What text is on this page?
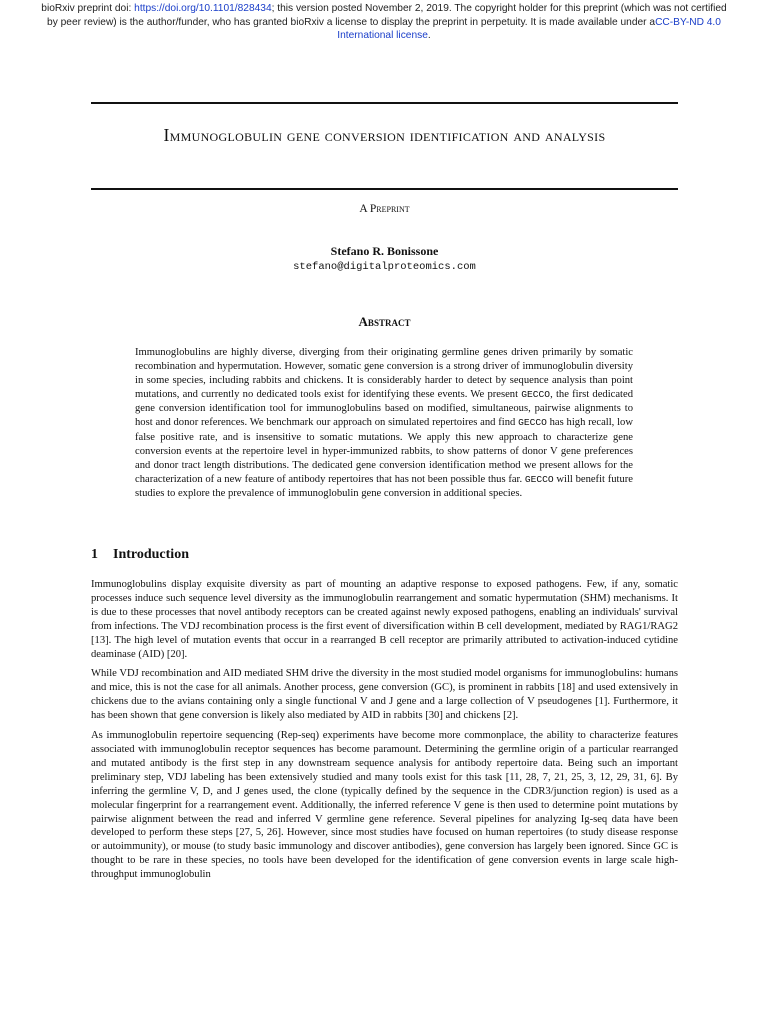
bioRxiv preprint doi: https://doi.org/10.1101/828434; this version posted November 2, 2019. The copyright holder for this preprint (which was not certified by peer review) is the author/funder, who has granted bioRxiv a license to display the preprint in perpetuity. It is made available under aCC-BY-ND 4.0 International license.
Immunoglobulin gene conversion identification and analysis
A Preprint
Stefano R. Bonissone
stefano@digitalproteomics.com
Abstract
Immunoglobulins are highly diverse, diverging from their originating germline genes driven primarily by somatic recombination and hypermutation. However, somatic gene conversion is a strong driver of immunoglobulin diversity in some species, including rabbits and chickens. It is considerably harder to detect by sequence analysis than point mutations, and currently no dedicated tools exist for identifying these events. We present GECCO, the first dedicated gene conversion identification tool for immunoglobulins based on modified, simultaneous, pairwise alignments to host and donor references. We benchmark our approach on simulated repertoires and find GECCO has high recall, low false positive rate, and is insensitive to somatic mutations. We apply this new approach to characterize gene conversion events at the repertoire level in hyper-immunized rabbits, to show patterns of donor V gene preferences and donor tract length distributions. The dedicated gene conversion identification method we present allows for the characterization of a new feature of antibody repertoires that has not been possible thus far. GECCO will benefit future studies to explore the prevalence of immunoglobulin gene conversion in additional species.
1 Introduction

Immunoglobulins display exquisite diversity as part of mounting an adaptive response to exposed pathogens. Few, if any, somatic processes induce such sequence level diversity as the immunoglobulin rearrangement and somatic hypermutation (SHM) mechanisms. It is due to these processes that novel antibody receptors can be created against newly exposed pathogens, enabling an individuals' survival from infections. The VDJ recombination process is the first event of diversification within B cell development, mediated by RAG1/RAG2 [13]. The high level of mutation events that occur in a rearranged B cell receptor are primarily attributed to activation-induced cytidine deaminase (AID) [20].

While VDJ recombination and AID mediated SHM drive the diversity in the most studied model organisms for immunoglobulins: humans and mice, this is not the case for all animals. Another process, gene conversion (GC), is prominent in rabbits [18] and used extensively in chickens due to the avians containing only a single functional V and J gene and a large collection of V pseudogenes [1]. Furthermore, it has been shown that gene conversion is likely also mediated by AID in rabbits [30] and chickens [2].

As immunoglobulin repertoire sequencing (Rep-seq) experiments have become more commonplace, the ability to characterize features associated with immunoglobulin receptor sequences has become paramount. Determining the germline origin of a particular rearranged and mutated antibody is the first step in any downstream sequence analysis for antibody repertoire data. Being such an important preliminary step, VDJ labeling has been extensively studied and many tools exist for this task [11, 28, 7, 21, 25, 3, 12, 29, 31, 6]. By inferring the germline V, D, and J genes used, the clone (typically defined by the sequence in the CDR3/junction region) is used as a molecular fingerprint for a rearrangement event. Additionally, the inferred reference V gene is then used to determine point mutations by pairwise alignment between the read and inferred V germline gene reference. Several pipelines for analyzing Ig-seq data have been developed to perform these steps [27, 5, 26]. However, since most studies have focused on human repertoires (to study disease response or autoimmunity), or mouse (to study basic immunology and discover antibodies), gene conversion has largely been ignored. Since GC is thought to be rare in these species, no tools have been developed for the identification of gene conversion events in large scale high-throughput immunoglobulin
